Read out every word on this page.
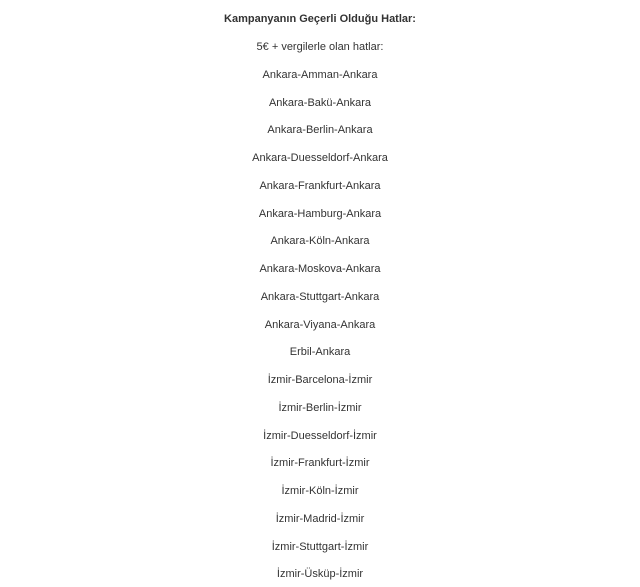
Kampanyanın Geçerli Olduğu Hatlar:

5€ + vergilerle olan hatlar:
Ankara-Amman-Ankara
Ankara-Bakü-Ankara
Ankara-Berlin-Ankara
Ankara-Duesseldorf-Ankara
Ankara-Frankfurt-Ankara
Ankara-Hamburg-Ankara
Ankara-Köln-Ankara
Ankara-Moskova-Ankara
Ankara-Stuttgart-Ankara
Ankara-Viyana-Ankara
Erbil-Ankara
İzmir-Barcelona-İzmir
İzmir-Berlin-İzmir
İzmir-Duesseldorf-İzmir
İzmir-Frankfurt-İzmir
İzmir-Köln-İzmir
İzmir-Madrid-İzmir
İzmir-Stuttgart-İzmir
İzmir-Üsküp-İzmir
